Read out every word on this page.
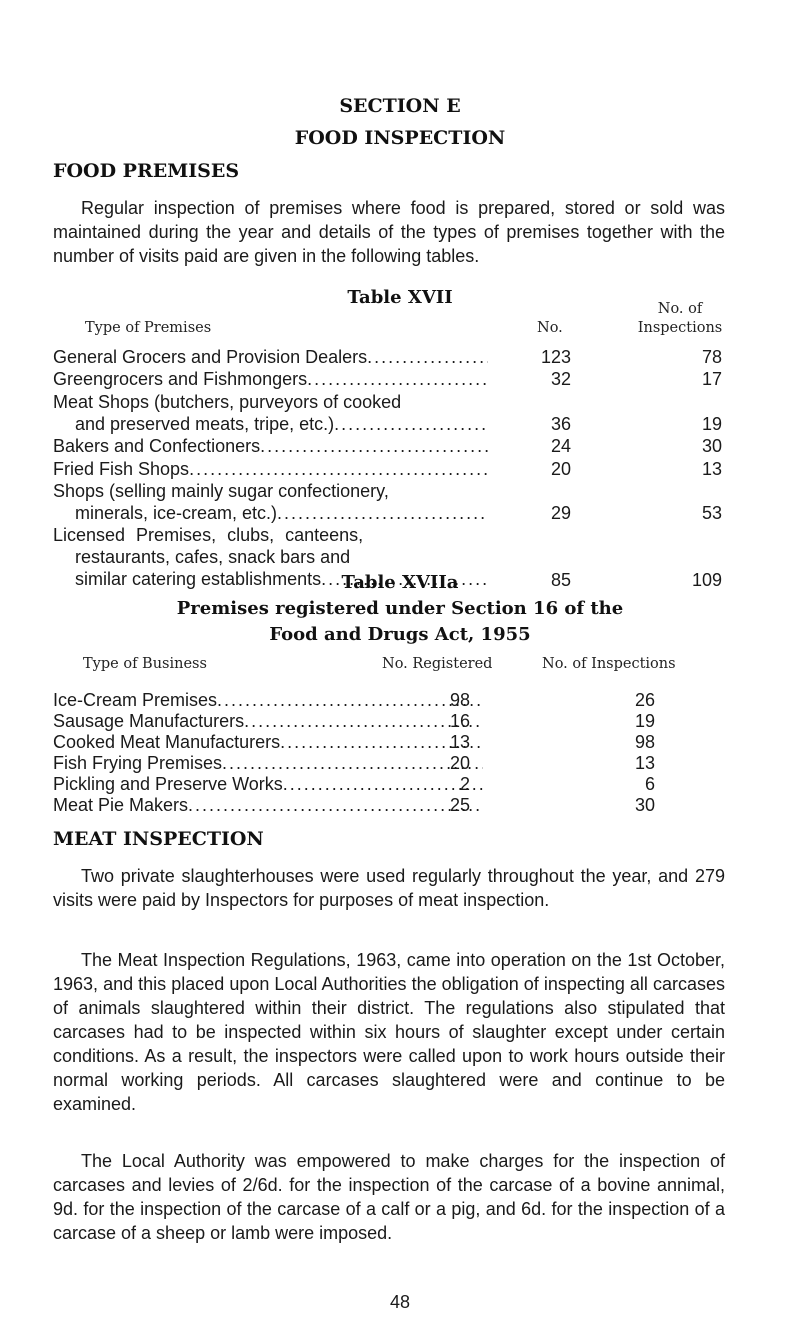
SECTION E
FOOD INSPECTION
FOOD PREMISES

Regular inspection of premises where food is prepared, stored or sold was maintained during the year and details of the types of premises together with the number of visits paid are given in the following tables.

Table XVII
Type of Premises	No.
No. of
Inspections
General Grocers and Provision Dealers .....	123	78
Greengrocers and Fishmongers .....	32	17
Meat Shops (butchers, purveyors of cooked
and preserved meats, tripe, etc.) .....	36	19
Bakers and Confectioners .....	24	30
Fried Fish Shops .....	20	13
Shops (selling mainly sugar confectionery,
minerals, ice-cream, etc.) .....	29	53
Licensed Premises, clubs, canteens,
restaurants, cafes, snack bars and
similar catering establishments .....	85	109
Table XVIIa
Premises registered under Section 16 of the
Food and Drugs Act, 1955
Type of Business	No. Registered	No. of Inspections
Ice-Cream Premises .....	98	26
Sausage Manufacturers .....	16	19
Cooked Meat Manufacturers .....	13	98
Fish Frying Premises .....	20	13
Pickling and Preserve Works .....	2	6
Meat Pie Makers .....	25	30
MEAT INSPECTION

Two private slaughterhouses were used regularly throughout the year, and 279 visits were paid by Inspectors for purposes of meat inspection.

The Meat Inspection Regulations, 1963, came into operation on the 1st October, 1963, and this placed upon Local Authorities the obligation of inspecting all carcases of animals slaughtered within their district. The regulations also stipulated that carcases had to be inspected within six hours of slaughter except under certain conditions. As a result, the inspectors were called upon to work hours outside their normal working periods. All carcases slaughtered were and continue to be examined.

The Local Authority was empowered to make charges for the inspection of carcases and levies of 2/6d. for the inspection of the carcase of a bovine annimal, 9d. for the inspection of the carcase of a calf or a pig, and 6d. for the inspection of a carcase of a sheep or lamb were imposed.

48
